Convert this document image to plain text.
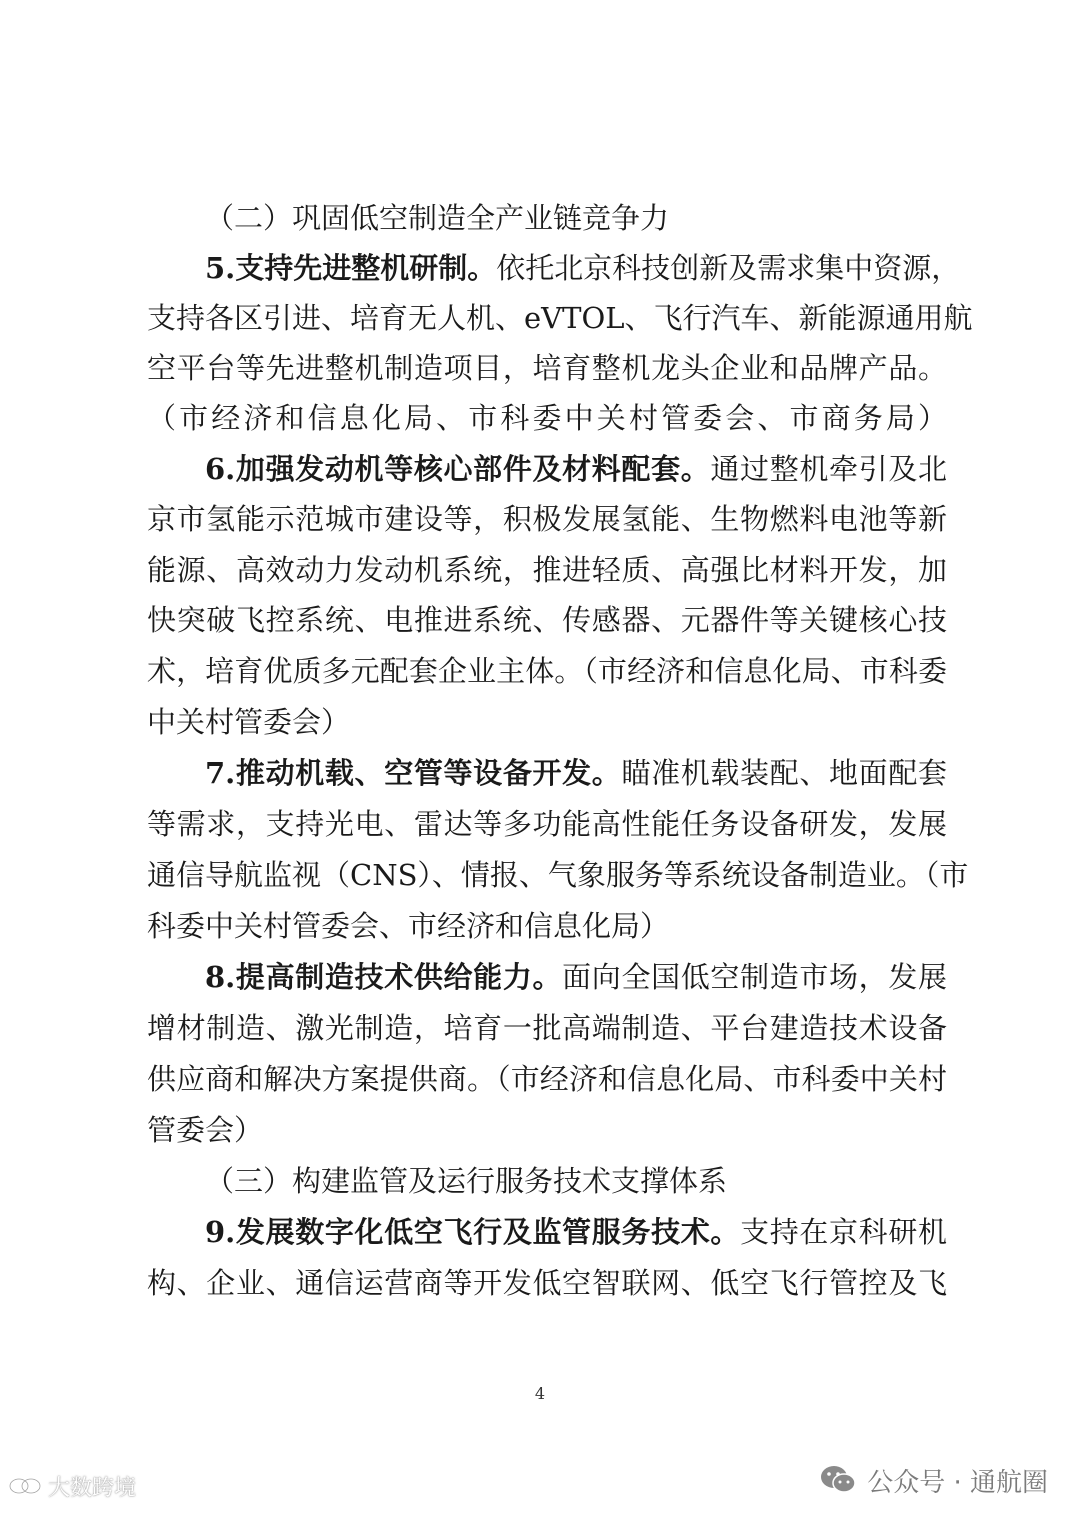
（二）巩固低空制造全产业链竞争力
5.支持先进整机研制。依托北京科技创新及需求集中资源，
支持各区引进、培育无人机、eVTOL、飞行汽车、新能源通用航
空平台等先进整机制造项目，培育整机龙头企业和品牌产品。
（市经济和信息化局、市科委中关村管委会、市商务局）
6.加强发动机等核心部件及材料配套。通过整机牵引及北
京市氢能示范城市建设等，积极发展氢能、生物燃料电池等新
能源、高效动力发动机系统，推进轻质、高强比材料开发，加
快突破飞控系统、电推进系统、传感器、元器件等关键核心技
术，培育优质多元配套企业主体。（市经济和信息化局、市科委
中关村管委会）
7.推动机载、空管等设备开发。瞄准机载装配、地面配套
等需求，支持光电、雷达等多功能高性能任务设备研发，发展
通信导航监视（CNS）、情报、气象服务等系统设备制造业。（市
科委中关村管委会、市经济和信息化局）
8.提高制造技术供给能力。面向全国低空制造市场，发展
增材制造、激光制造，培育一批高端制造、平台建造技术设备
供应商和解决方案提供商。（市经济和信息化局、市科委中关村
管委会）
（三）构建监管及运行服务技术支撑体系
9.发展数字化低空飞行及监管服务技术。支持在京科研机
构、企业、通信运营商等开发低空智联网、低空飞行管控及飞
4
大数跨境	公众号 · 通航圈
